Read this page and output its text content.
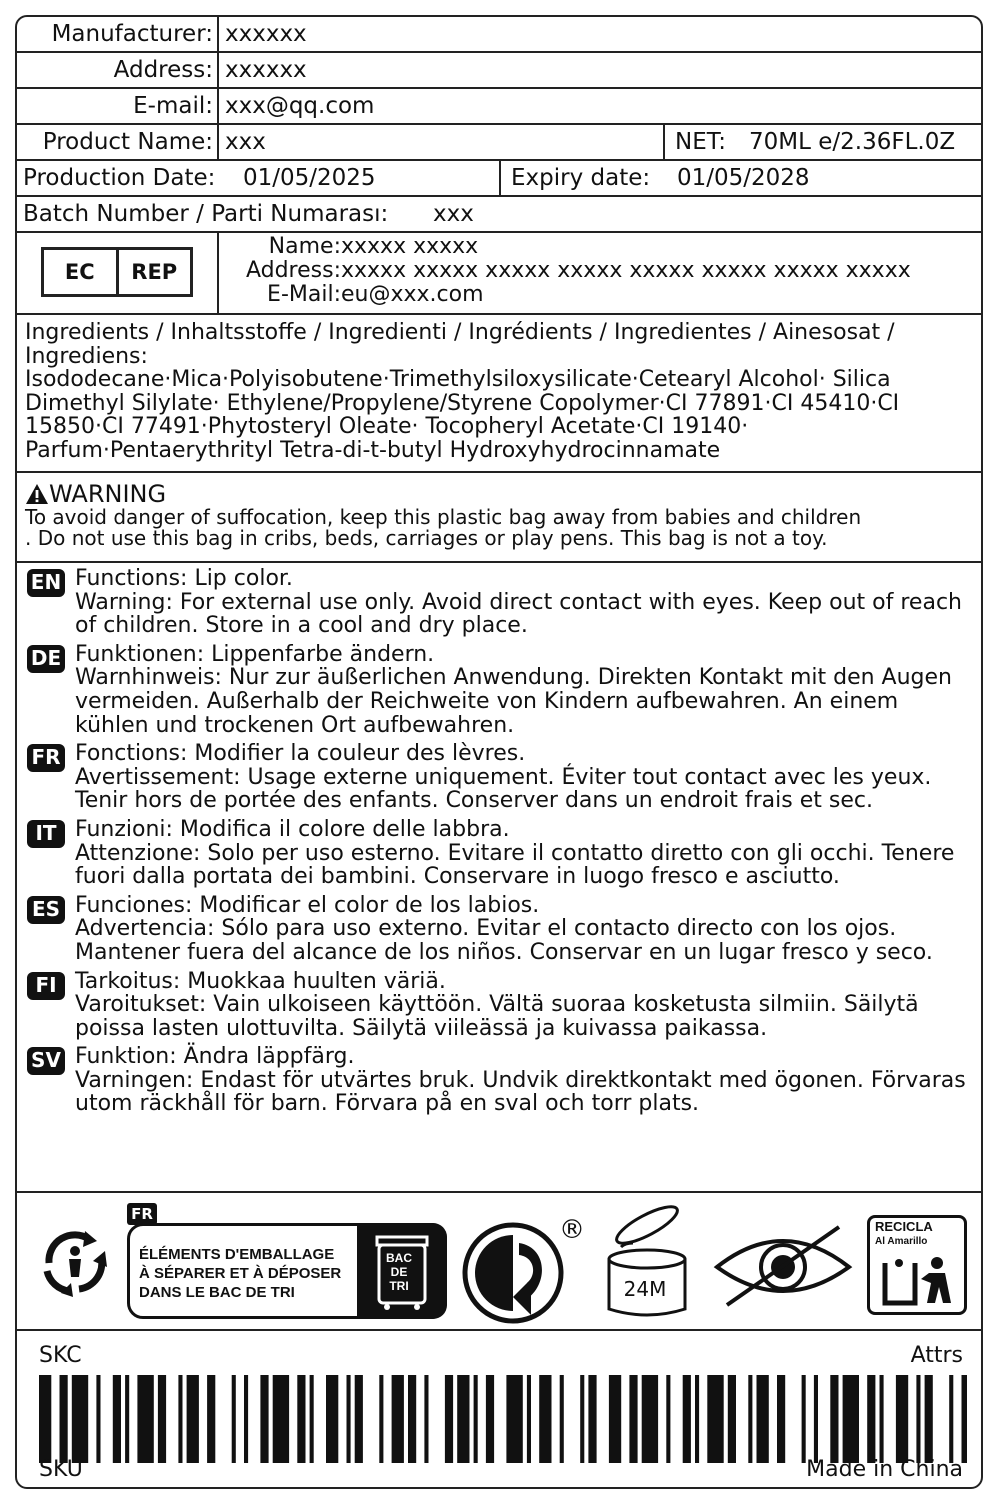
Manufacturer: xxxxxx
Address: xxxxxx
E-mail: xxx@qq.com
Product Name: xxx	NET: 70ML e/2.36FL.0Z
Production Date: 01/05/2025	Expiry date: 01/05/2028
Batch Number / Parti Numarası: xxx
EC	REP
Name: xxxxx xxxxx
Address: xxxxx xxxxx xxxxx xxxxx xxxxx xxxxx xxxxx xxxxx
E-Mail: eu@xxx.com
Ingredients / Inhaltsstoffe / Ingredienti / Ingrédients / Ingredientes / Ainesosat / Ingrediens:
Isododecane·Mica·Polyisobutene·Trimethylsiloxysilicate·Cetearyl Alcohol· Silica Dimethyl Silylate· Ethylene/Propylene/Styrene Copolymer·CI 77891·CI 45410·CI 15850·CI 77491·Phytosteryl Oleate· Tocopheryl Acetate·CI 19140· Parfum·Pentaerythrityl Tetra-di-t-butyl Hydroxyhydrocinnamate
WARNING
To avoid danger of suffocation, keep this plastic bag away from babies and children
. Do not use this bag in cribs, beds, carriages or play pens. This bag is not a toy.
EN Functions: Lip color.
Warning: For external use only. Avoid direct contact with eyes. Keep out of reach of children. Store in a cool and dry place.
DE Funktionen: Lippenfarbe ändern.
Warnhinweis: Nur zur äußerlichen Anwendung. Direkten Kontakt mit den Augen vermeiden. Außerhalb der Reichweite von Kindern aufbewahren. An einem kühlen und trockenen Ort aufbewahren.
FR Fonctions: Modifier la couleur des lèvres.
Avertissement: Usage externe uniquement. Éviter tout contact avec les yeux. Tenir hors de portée des enfants. Conserver dans un endroit frais et sec.
IT Funzioni: Modifica il colore delle labbra.
Attenzione: Solo per uso esterno. Evitare il contatto diretto con gli occhi. Tenere fuori dalla portata dei bambini. Conservare in luogo fresco e asciutto.
ES Funciones: Modificar el color de los labios.
Advertencia: Sólo para uso externo. Evitar el contacto directo con los ojos. Mantener fuera del alcance de los niños. Conservar en un lugar fresco y seco.
FI Tarkoitus: Muokkaa huulten väriä.
Varoitukset: Vain ulkoiseen käyttöön. Vältä suoraa kosketusta silmiin. Säilytä poissa lasten ulottuvilta. Säilytä viileässä ja kuivassa paikassa.
SV Funktion: Ändra läppfärg.
Varningen: Endast för utvärtes bruk. Undvik direktkontakt med ögonen. Förvaras utom räckhåll för barn. Förvara på en sval och torr plats.
FR
ÉLÉMENTS D'EMBALLAGE
À SÉPARER ET À DÉPOSER
DANS LE BAC DE TRI
BAC
DE
TRI
®
24M
RECICLA
Al Amarillo
SKC	Attrs
SKU	Made in China
